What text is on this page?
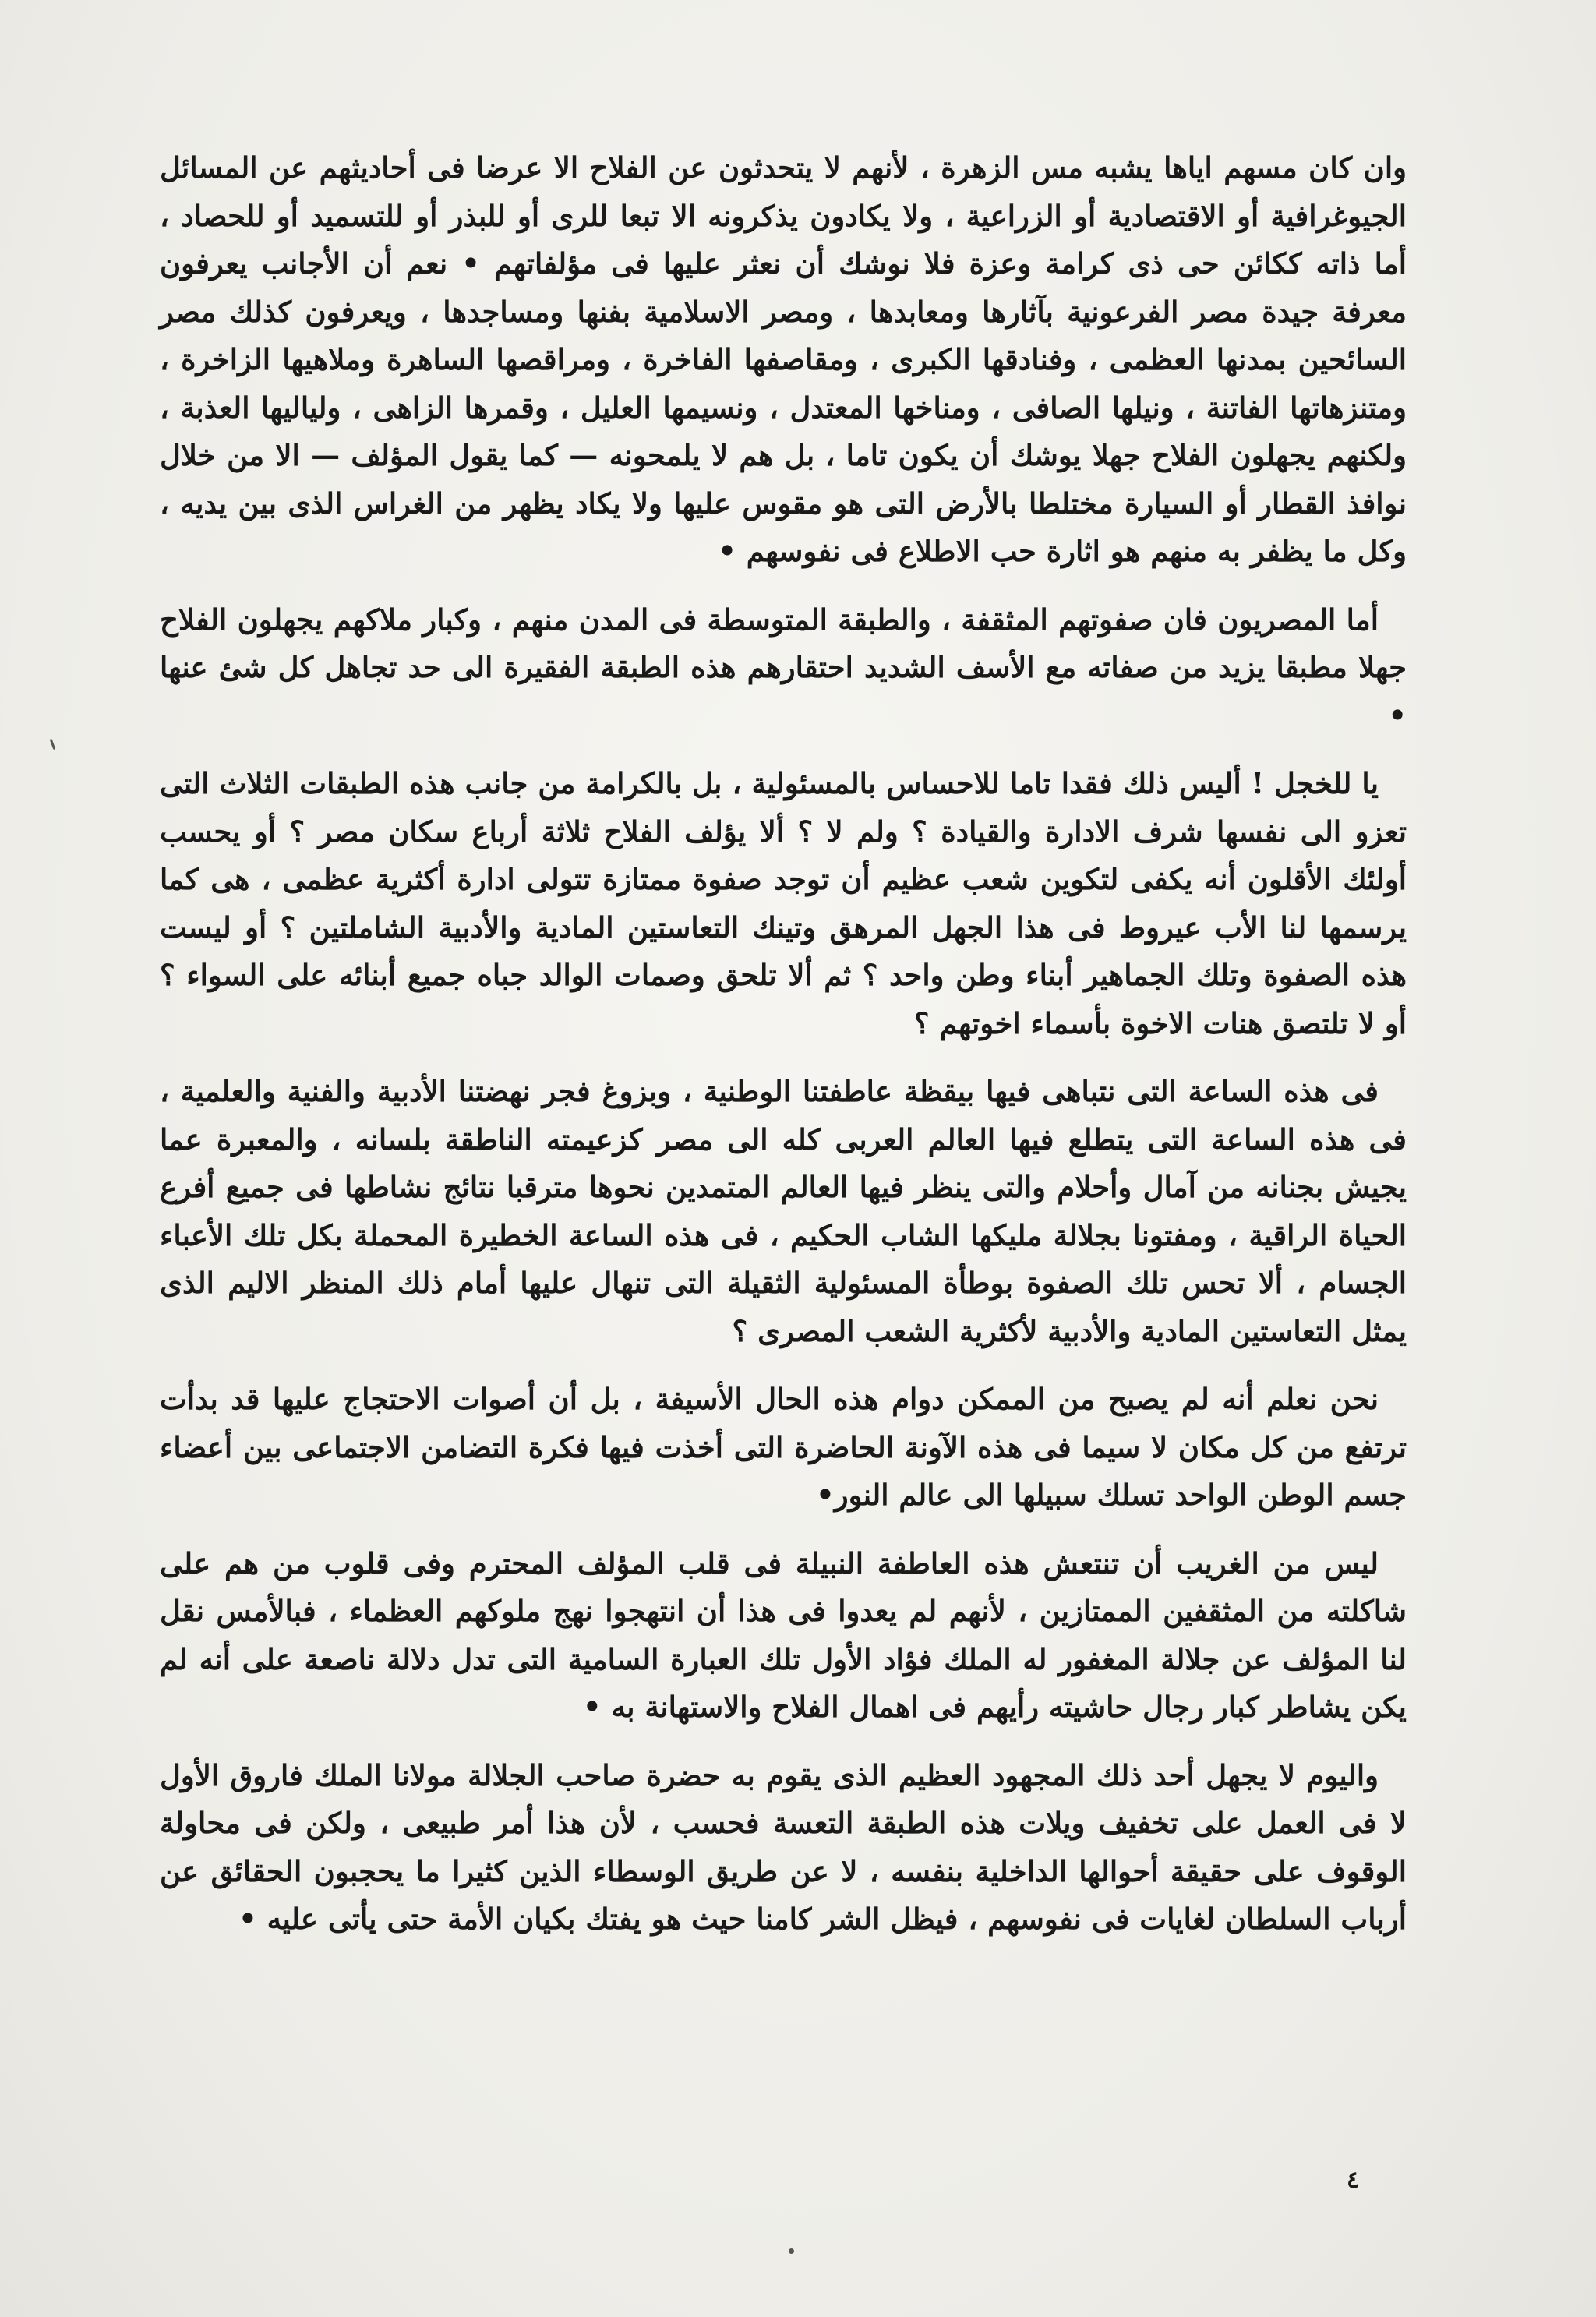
وان كان مسهم اياها يشبه مس الزهرة ، لأنهم لا يتحدثون عن الفلاح الا عرضا فى أحاديثهم عن المسائل الجيوغرافية أو الاقتصادية أو الزراعية ، ولا يكادون يذكرونه الا تبعا للرى أو للبذر أو للتسميد أو للحصاد ، أما ذاته ككائن حى ذى كرامة وعزة فلا نوشك أن نعثر عليها فى مؤلفاتهم • نعم أن الأجانب يعرفون معرفة جيدة مصر الفرعونية بآثارها ومعابدها ، ومصر الاسلامية بفنها ومساجدها ، ويعرفون كذلك مصر السائحين بمدنها العظمى ، وفنادقها الكبرى ، ومقاصفها الفاخرة ، ومراقصها الساهرة وملاهيها الزاخرة ، ومتنزهاتها الفاتنة ، ونيلها الصافى ، ومناخها المعتدل ، ونسيمها العليل ، وقمرها الزاهى ، ولياليها العذبة ، ولكنهم يجهلون الفلاح جهلا يوشك أن يكون تاما ، بل هم لا يلمحونه — كما يقول المؤلف — الا من خلال نوافذ القطار أو السيارة مختلطا بالأرض التى هو مقوس عليها ولا يكاد يظهر من الغراس الذى بين يديه ، وكل ما يظفر به منهم هو اثارة حب الاطلاع فى نفوسهم •

أما المصريون فان صفوتهم المثقفة ، والطبقة المتوسطة فى المدن منهم ، وكبار ملاكهم يجهلون الفلاح جهلا مطبقا يزيد من صفاته مع الأسف الشديد احتقارهم هذه الطبقة الفقيرة الى حد تجاهل كل شئ عنها •

يا للخجل ! أليس ذلك فقدا تاما للاحساس بالمسئولية ، بل بالكرامة من جانب هذه الطبقات الثلاث التى تعزو الى نفسها شرف الادارة والقيادة ؟ ولم لا ؟ ألا يؤلف الفلاح ثلاثة أرباع سكان مصر ؟ أو يحسب أولئك الأقلون أنه يكفى لتكوين شعب عظيم أن توجد صفوة ممتازة تتولى ادارة أكثرية عظمى ، هى كما يرسمها لنا الأب عيروط فى هذا الجهل المرهق وتينك التعاستين المادية والأدبية الشاملتين ؟ أو ليست هذه الصفوة وتلك الجماهير أبناء وطن واحد ؟ ثم ألا تلحق وصمات الوالد جباه جميع أبنائه على السواء ؟ أو لا تلتصق هنات الاخوة بأسماء اخوتهم ؟

فى هذه الساعة التى نتباهى فيها بيقظة عاطفتنا الوطنية ، وبزوغ فجر نهضتنا الأدبية والفنية والعلمية ، فى هذه الساعة التى يتطلع فيها العالم العربى كله الى مصر كزعيمته الناطقة بلسانه ، والمعبرة عما يجيش بجنانه من آمال وأحلام والتى ينظر فيها العالم المتمدين نحوها مترقبا نتائج نشاطها فى جميع أفرع الحياة الراقية ، ومفتونا بجلالة مليكها الشاب الحكيم ، فى هذه الساعة الخطيرة المحملة بكل تلك الأعباء الجسام ، ألا تحس تلك الصفوة بوطأة المسئولية الثقيلة التى تنهال عليها أمام ذلك المنظر الاليم الذى يمثل التعاستين المادية والأدبية لأكثرية الشعب المصرى ؟

نحن نعلم أنه لم يصبح من الممكن دوام هذه الحال الأسيفة ، بل أن أصوات الاحتجاج عليها قد بدأت ترتفع من كل مكان لا سيما فى هذه الآونة الحاضرة التى أخذت فيها فكرة التضامن الاجتماعى بين أعضاء جسم الوطن الواحد تسلك سبيلها الى عالم النور•

ليس من الغريب أن تنتعش هذه العاطفة النبيلة فى قلب المؤلف المحترم وفى قلوب من هم على شاكلته من المثقفين الممتازين ، لأنهم لم يعدوا فى هذا أن انتهجوا نهج ملوكهم العظماء ، فبالأمس نقل لنا المؤلف عن جلالة المغفور له الملك فؤاد الأول تلك العبارة السامية التى تدل دلالة ناصعة على أنه لم يكن يشاطر كبار رجال حاشيته رأيهم فى اهمال الفلاح والاستهانة به •

واليوم لا يجهل أحد ذلك المجهود العظيم الذى يقوم به حضرة صاحب الجلالة مولانا الملك فاروق الأول لا فى العمل على تخفيف ويلات هذه الطبقة التعسة فحسب ، لأن هذا أمر طبيعى ، ولكن فى محاولة الوقوف على حقيقة أحوالها الداخلية بنفسه ، لا عن طريق الوسطاء الذين كثيرا ما يحجبون الحقائق عن أرباب السلطان لغايات فى نفوسهم ، فيظل الشر كامنا حيث هو يفتك بكيان الأمة حتى يأتى عليه •

٤
